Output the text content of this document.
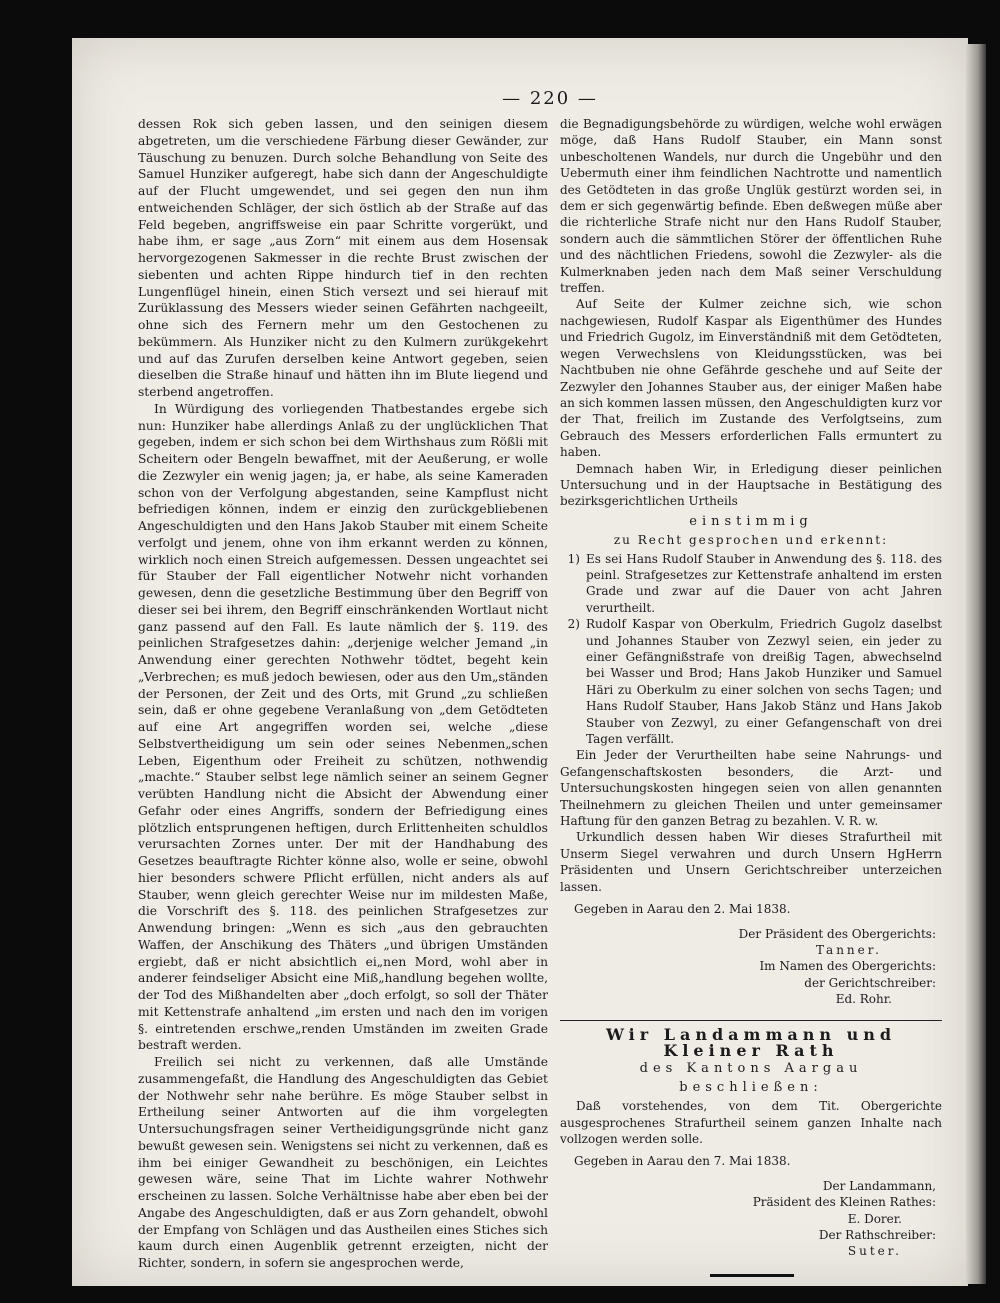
— 220 —

dessen Rok sich geben lassen, und den seinigen diesem abgetreten, um die verschiedene Färbung dieser Gewänder, zur Täuschung zu benuzen. Durch solche Behandlung von Seite des Samuel Hunziker aufgeregt, habe sich dann der Angeschuldigte auf der Flucht umgewendet, und sei gegen den nun ihm entweichenden Schläger, der sich östlich ab der Straße auf das Feld begeben, angriffsweise ein paar Schritte vorgerükt, und habe ihm, er sage „aus Zorn“ mit einem aus dem Hosensak hervorgezogenen Sakmesser in die rechte Brust zwischen der siebenten und achten Rippe hindurch tief in den rechten Lungenflügel hinein, einen Stich versezt und sei hierauf mit Zurüklassung des Messers wieder seinen Gefährten nachgeeilt, ohne sich des Fernern mehr um den Gestochenen zu bekümmern. Als Hunziker nicht zu den Kulmern zurükgekehrt und auf das Zurufen derselben keine Antwort gegeben, seien dieselben die Straße hinauf und hätten ihn im Blute liegend und sterbend angetroffen.

In Würdigung des vorliegenden Thatbestandes ergebe sich nun: Hunziker habe allerdings Anlaß zu der unglücklichen That gegeben, indem er sich schon bei dem Wirthshaus zum Rößli mit Scheitern oder Bengeln bewaffnet, mit der Aeußerung, er wolle die Zezwyler ein wenig jagen; ja, er habe, als seine Kameraden schon von der Verfolgung abgestanden, seine Kampflust nicht befriedigen können, indem er einzig den zurückgebliebenen Angeschuldigten und den Hans Jakob Stauber mit einem Scheite verfolgt und jenem, ohne von ihm erkannt werden zu können, wirklich noch einen Streich aufgemessen. Dessen ungeachtet sei für Stauber der Fall eigentlicher Notwehr nicht vorhanden gewesen, denn die gesetzliche Bestimmung über den Begriff von dieser sei bei ihrem, den Begriff einschränkenden Wortlaut nicht ganz passend auf den Fall. Es laute nämlich der §. 119. des peinlichen Strafgesetzes dahin: „derjenige welcher Jemand „in Anwendung einer gerechten Nothwehr tödtet, begeht kein „Verbrechen; es muß jedoch bewiesen, oder aus den Um„ständen der Personen, der Zeit und des Orts, mit Grund „zu schließen sein, daß er ohne gegebene Veranlaßung von „dem Getödteten auf eine Art angegriffen worden sei, welche „diese Selbstvertheidigung um sein oder seines Nebenmen„schen Leben, Eigenthum oder Freiheit zu schützen, nothwendig „machte.“ Stauber selbst lege nämlich seiner an seinem Gegner verübten Handlung nicht die Absicht der Abwendung einer Gefahr oder eines Angriffs, sondern der Befriedigung eines plötzlich entsprungenen heftigen, durch Erlittenheiten schuldlos verursachten Zornes unter. Der mit der Handhabung des Gesetzes beauftragte Richter könne also, wolle er seine, obwohl hier besonders schwere Pflicht erfüllen, nicht anders als auf Stauber, wenn gleich gerechter Weise nur im mildesten Maße, die Vorschrift des §. 118. des peinlichen Strafgesetzes zur Anwendung bringen: „Wenn es sich „aus den gebrauchten Waffen, der Anschikung des Thäters „und übrigen Umständen ergiebt, daß er nicht absichtlich ei„nen Mord, wohl aber in anderer feindseliger Absicht eine Miß„handlung begehen wollte, der Tod des Mißhandelten aber „doch erfolgt, so soll der Thäter mit Kettenstrafe anhaltend „im ersten und nach den im vorigen §. eintretenden erschwe„renden Umständen im zweiten Grade bestraft werden.

Freilich sei nicht zu verkennen, daß alle Umstände zusammengefaßt, die Handlung des Angeschuldigten das Gebiet der Nothwehr sehr nahe berühre. Es möge Stauber selbst in Ertheilung seiner Antworten auf die ihm vorgelegten Untersuchungsfragen seiner Vertheidigungsgründe nicht ganz bewußt gewesen sein. Wenigstens sei nicht zu verkennen, daß es ihm bei einiger Gewandheit zu beschönigen, ein Leichtes gewesen wäre, seine That im Lichte wahrer Nothwehr erscheinen zu lassen. Solche Verhältnisse habe aber eben bei der Angabe des Angeschuldigten, daß er aus Zorn gehandelt, obwohl der Empfang von Schlägen und das Austheilen eines Stiches sich kaum durch einen Augenblik getrennt erzeigten, nicht der Richter, sondern, in sofern sie angesprochen werde,

die Begnadigungsbehörde zu würdigen, welche wohl erwägen möge, daß Hans Rudolf Stauber, ein Mann sonst unbescholtenen Wandels, nur durch die Ungebühr und den Uebermuth einer ihm feindlichen Nachtrotte und namentlich des Getödteten in das große Unglük gestürzt worden sei, in dem er sich gegenwärtig befinde. Eben deßwegen müße aber die richterliche Strafe nicht nur den Hans Rudolf Stauber, sondern auch die sämmtlichen Störer der öffentlichen Ruhe und des nächtlichen Friedens, sowohl die Zezwyler- als die Kulmerknaben jeden nach dem Maß seiner Verschuldung treffen.

Auf Seite der Kulmer zeichne sich, wie schon nachgewiesen, Rudolf Kaspar als Eigenthümer des Hundes und Friedrich Gugolz, im Einverständniß mit dem Getödteten, wegen Verwechslens von Kleidungsstücken, was bei Nachtbuben nie ohne Gefährde geschehe und auf Seite der Zezwyler den Johannes Stauber aus, der einiger Maßen habe an sich kommen lassen müssen, den Angeschuldigten kurz vor der That, freilich im Zustande des Verfolgtseins, zum Gebrauch des Messers erforderlichen Falls ermuntert zu haben.

Demnach haben Wir, in Erledigung dieser peinlichen Untersuchung und in der Hauptsache in Bestätigung des bezirksgerichtlichen Urtheils

einstimmig
zu Recht gesprochen und erkennt:
1) Es sei Hans Rudolf Stauber in Anwendung des §. 118. des peinl. Strafgesetzes zur Kettenstrafe anhaltend im ersten Grade und zwar auf die Dauer von acht Jahren verurtheilt.
2) Rudolf Kaspar von Oberkulm, Friedrich Gugolz daselbst und Johannes Stauber von Zezwyl seien, ein jeder zu einer Gefängnißstrafe von dreißig Tagen, abwechselnd bei Wasser und Brod; Hans Jakob Hunziker und Samuel Häri zu Oberkulm zu einer solchen von sechs Tagen; und Hans Rudolf Stauber, Hans Jakob Stänz und Hans Jakob Stauber von Zezwyl, zu einer Gefangenschaft von drei Tagen verfällt.

Ein Jeder der Verurtheilten habe seine Nahrungs- und Gefangenschaftskosten besonders, die Arzt- und Untersuchungskosten hingegen seien von allen genannten Theilnehmern zu gleichen Theilen und unter gemeinsamer Haftung für den ganzen Betrag zu bezahlen. V. R. w.

Urkundlich dessen haben Wir dieses Strafurtheil mit Unserm Siegel verwahren und durch Unsern HgHerrn Präsidenten und Unsern Gerichtschreiber unterzeichen lassen.

Gegeben in Aarau den 2. Mai 1838.
Der Präsident des Obergerichts:
Tanner.
Im Namen des Obergerichts:
der Gerichtschreiber:
Ed. Rohr.
Wir Landammann und Kleiner Rath
des Kantons Aargau
beschließen:

Daß vorstehendes, von dem Tit. Obergerichte ausgesprochenes Strafurtheil seinem ganzen Inhalte nach vollzogen werden solle.

Gegeben in Aarau den 7. Mai 1838.
Der Landammann,
Präsident des Kleinen Rathes:
E. Dorer.
Der Rathschreiber:
Suter.
